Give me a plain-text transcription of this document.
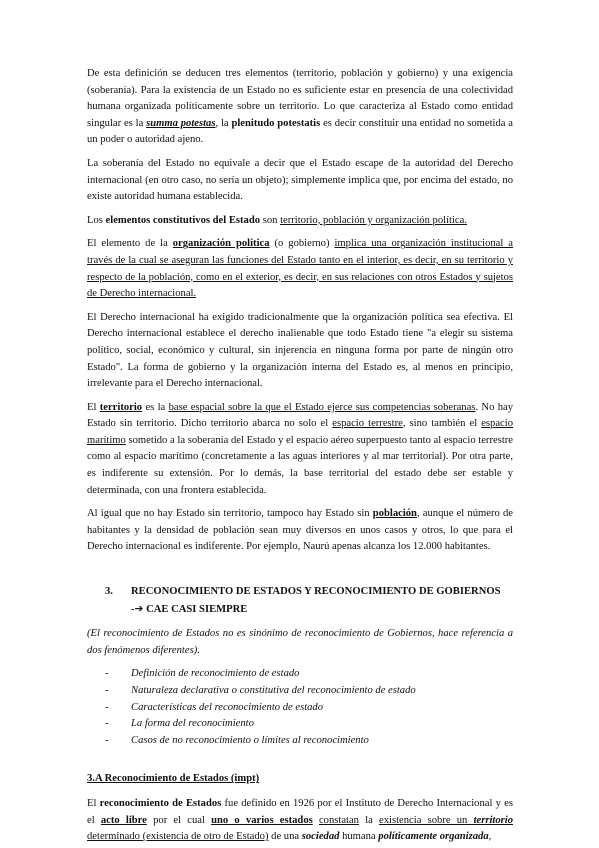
De esta definición se deducen tres elementos (territorio, población y gobierno) y una exigencia (soberanía). Para la existencia de un Estado no es suficiente estar en presencia de una colectividad humana organizada políticamente sobre un territorio. Lo que caracteriza al Estado como entidad singular es la summa potestas, la plenitudo potestatis es decir constituir una entidad no sometida a un poder o autoridad ajeno.

La soberanía del Estado no equivale a decir que el Estado escape de la autoridad del Derecho internacional (en otro caso, no sería un objeto); simplemente implica que, por encima del estado, no existe autoridad humana establecida.

Los elementos constitutivos del Estado son territorio, población y organización política.

El elemento de la organización política (o gobierno) implica una organización institucional a través de la cual se aseguran las funciones del Estado tanto en el interior, es decir, en su territorio y respecto de la población, como en el exterior, es decir, en sus relaciones con otros Estados y sujetos de Derecho internacional.

El Derecho internacional ha exigido tradicionalmente que la organización política sea efectiva. El Derecho internacional establece el derecho inalienable que todo Estado tiene "a elegir su sistema político, social, económico y cultural, sin injerencia en ninguna forma por parte de ningún otro Estado". La forma de gobierno y la organización interna del Estado es, al menos en principio, irrelevante para el Derecho internacional.

El territorio es la base espacial sobre la que el Estado ejerce sus competencias soberanas. No hay Estado sin territorio. Dicho territorio abarca no solo el espacio terrestre, sino también el espacio marítimo sometido a la soberanía del Estado y el espacio aéreo superpuesto tanto al espacio terrestre como al espacio marítimo (concretamente a las aguas interiores y al mar territorial). Por otra parte, es indiferente su extensión. Por lo demás, la base territorial del estado debe ser estable y determinada, con una frontera establecida.

Al igual que no hay Estado sin territorio, tampoco hay Estado sin población, aunque el número de habitantes y la densidad de población sean muy diversos en unos casos y otros, lo que para el Derecho internacional es indiferente. Por ejemplo, Naurú apenas alcanza los 12.000 habitantes.

3.	RECONOCIMIENTO DE ESTADOS Y RECONOCIMIENTO DE GOBIERNOS
-➔ CAE CASI SIEMPRE

(El reconocimiento de Estados no es sinónimo de reconocimiento de Gobiernos, hace referencia a dos fenómenos diferentes).

-	Definición de reconocimiento de estado
-	Naturaleza declarativa o constitutiva del reconocimiento de estado
-	Características del reconocimiento de estado
-	La forma del reconocimiento
-	Casos de no reconocimiento o límites al reconocimiento

3.A Reconocimiento de Estados (impt)

El reconocimiento de Estados fue definido en 1926 por el Instituto de Derecho Internacional y es el acto libre por el cual uno o varios estados constatan la existencia sobre un territorio determinado (existencia de otro de Estado) de una sociedad humana políticamente organizada,
